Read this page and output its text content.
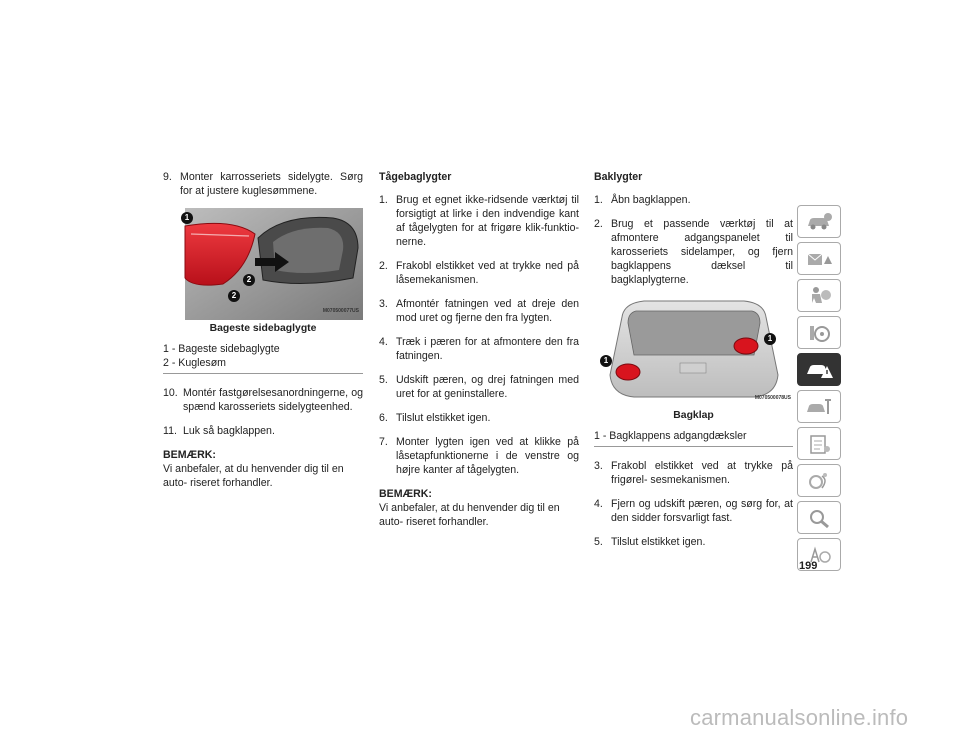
9. Monter karrosseriets sidelygte. Sørg for at justere kuglesømmene.
1
2
2
M070500077US
Bageste sidebaglygte
1 - Bageste sidebaglygte
2 - Kuglesøm
10. Montér fastgørelsesanordningerne, og spænd karosseriets sidelygteenhed.
11. Luk så bagklappen.
BEMÆRK:
Vi anbefaler, at du henvender dig til en auto- riseret forhandler.
Tågebaglygter
1. Brug et egnet ikke-ridsende værktøj til forsigtigt at lirke i den indvendige kant af tågelygten for at frigøre klik-funktio- nerne.
2. Frakobl elstikket ved at trykke ned på låsemekanismen.
3. Afmontér fatningen ved at dreje den mod uret og fjerne den fra lygten.
4. Træk i pæren for at afmontere den fra fatningen.
5. Udskift pæren, og drej fatningen med uret for at geninstallere.
6. Tilslut elstikket igen.
7. Monter lygten igen ved at klikke på låsetapfunktionerne i de venstre og højre kanter af tågelygten.
BEMÆRK:
Vi anbefaler, at du henvender dig til en auto- riseret forhandler.
Baklygter
1. Åbn bagklappen.
2. Brug et passende værktøj til at afmontere adgangspanelet til karosseriets sidelamper, og fjern bagklappens dæksel til bagklaplygterne.
1
1
M070500078US
Bagklap
1 - Bagklappens adgangdæksler
3. Frakobl elstikket ved at trykke på frigørel- sesmekanismen.
4. Fjern og udskift pæren, og sørg for, at den sidder forsvarligt fast.
5. Tilslut elstikket igen.
199
carmanualsonline.info
